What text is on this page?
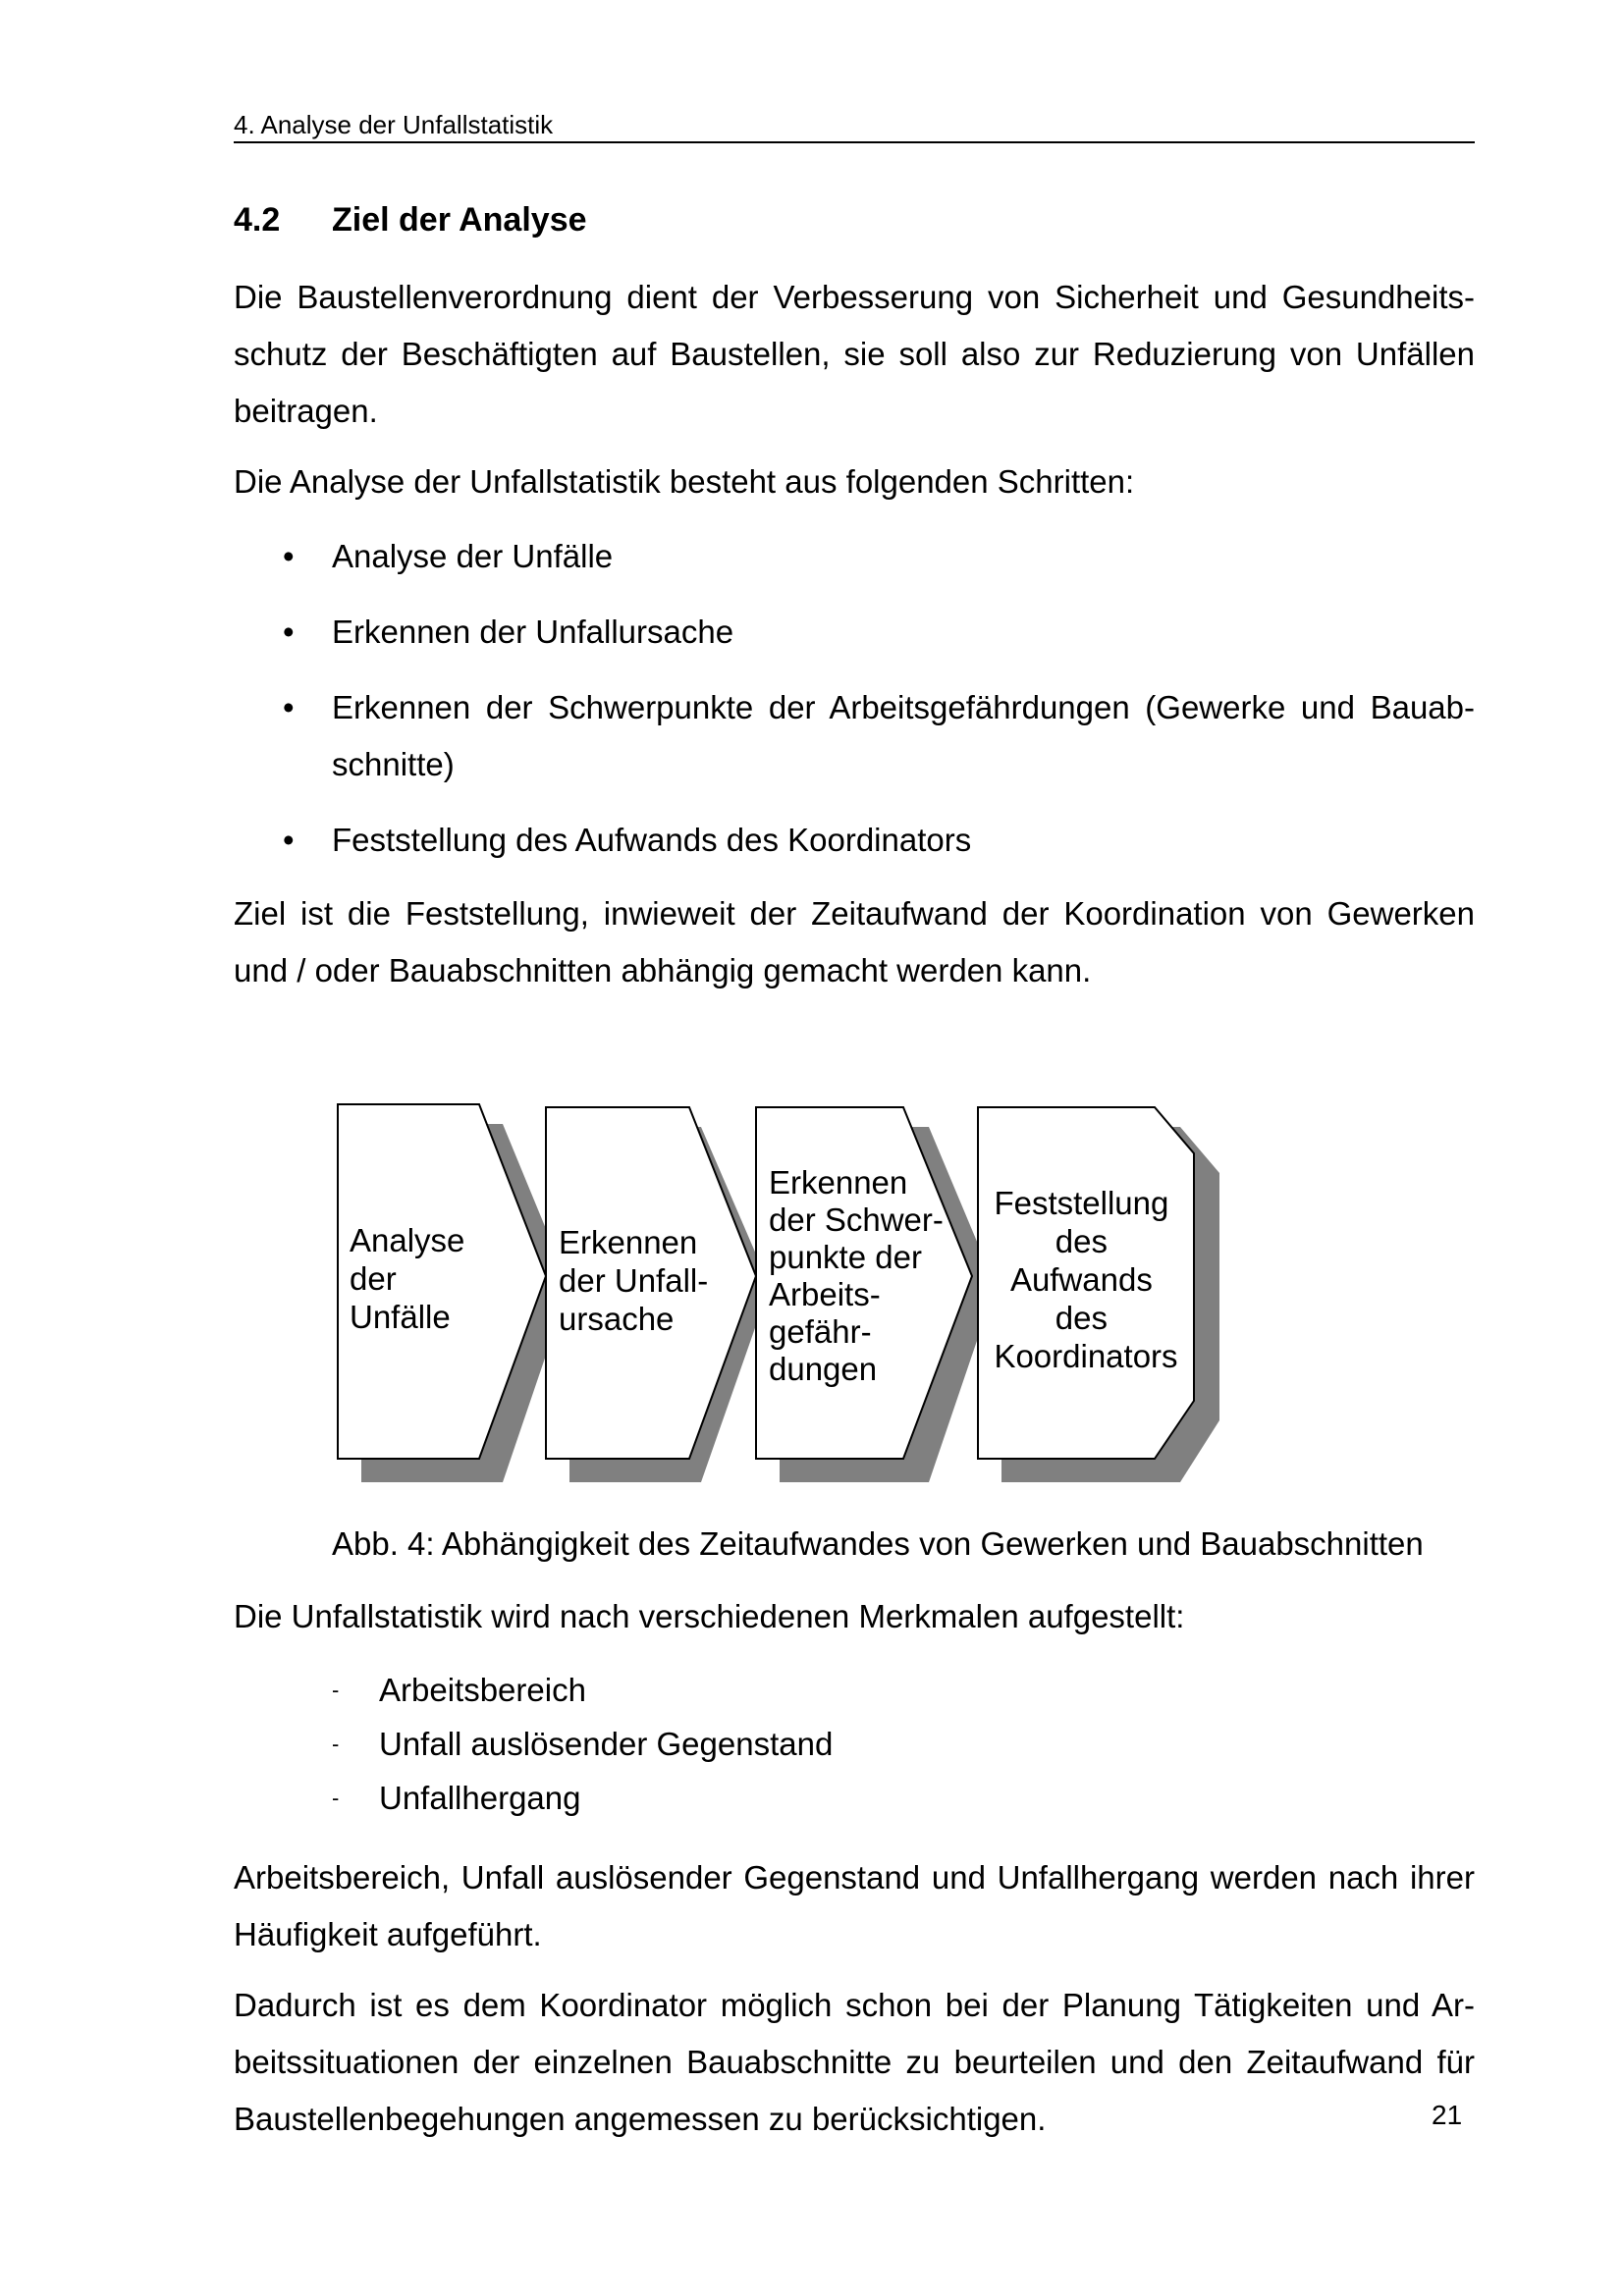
4. Analyse der Unfallstatistik
4.2 Ziel der Analyse

Die Baustellenverordnung dient der Verbesserung von Sicherheit und Gesundheits-schutz der Beschäftigten auf Baustellen, sie soll also zur Reduzierung von Unfällen beitragen.

Die Analyse der Unfallstatistik besteht aus folgenden Schritten:

• Analyse der Unfälle
• Erkennen der Unfallursache
• Erkennen der Schwerpunkte der Arbeitsgefährdungen (Gewerke und Bauab-schnitte)
• Feststellung des Aufwands des Koordinators

Ziel ist die Feststellung, inwieweit der Zeitaufwand der Koordination von Gewerken und / oder Bauabschnitten abhängig gemacht werden kann.

Analyse der Unfälle
Erkennen der Unfall- ursache
Erkennen der Schwer- punkte der Arbeits- gefähr- dungen
Feststellung des Aufwands des Koordinators
Abb. 4: Abhängigkeit des Zeitaufwandes von Gewerken und Bauabschnitten

Die Unfallstatistik wird nach verschiedenen Merkmalen aufgestellt:

- Arbeitsbereich
- Unfall auslösender Gegenstand
- Unfallhergang

Arbeitsbereich, Unfall auslösender Gegenstand und Unfallhergang werden nach ihrer Häufigkeit aufgeführt.

Dadurch ist es dem Koordinator möglich schon bei der Planung Tätigkeiten und Ar-beitssituationen der einzelnen Bauabschnitte zu beurteilen und den Zeitaufwand für Baustellenbegehungen angemessen zu berücksichtigen.	21
